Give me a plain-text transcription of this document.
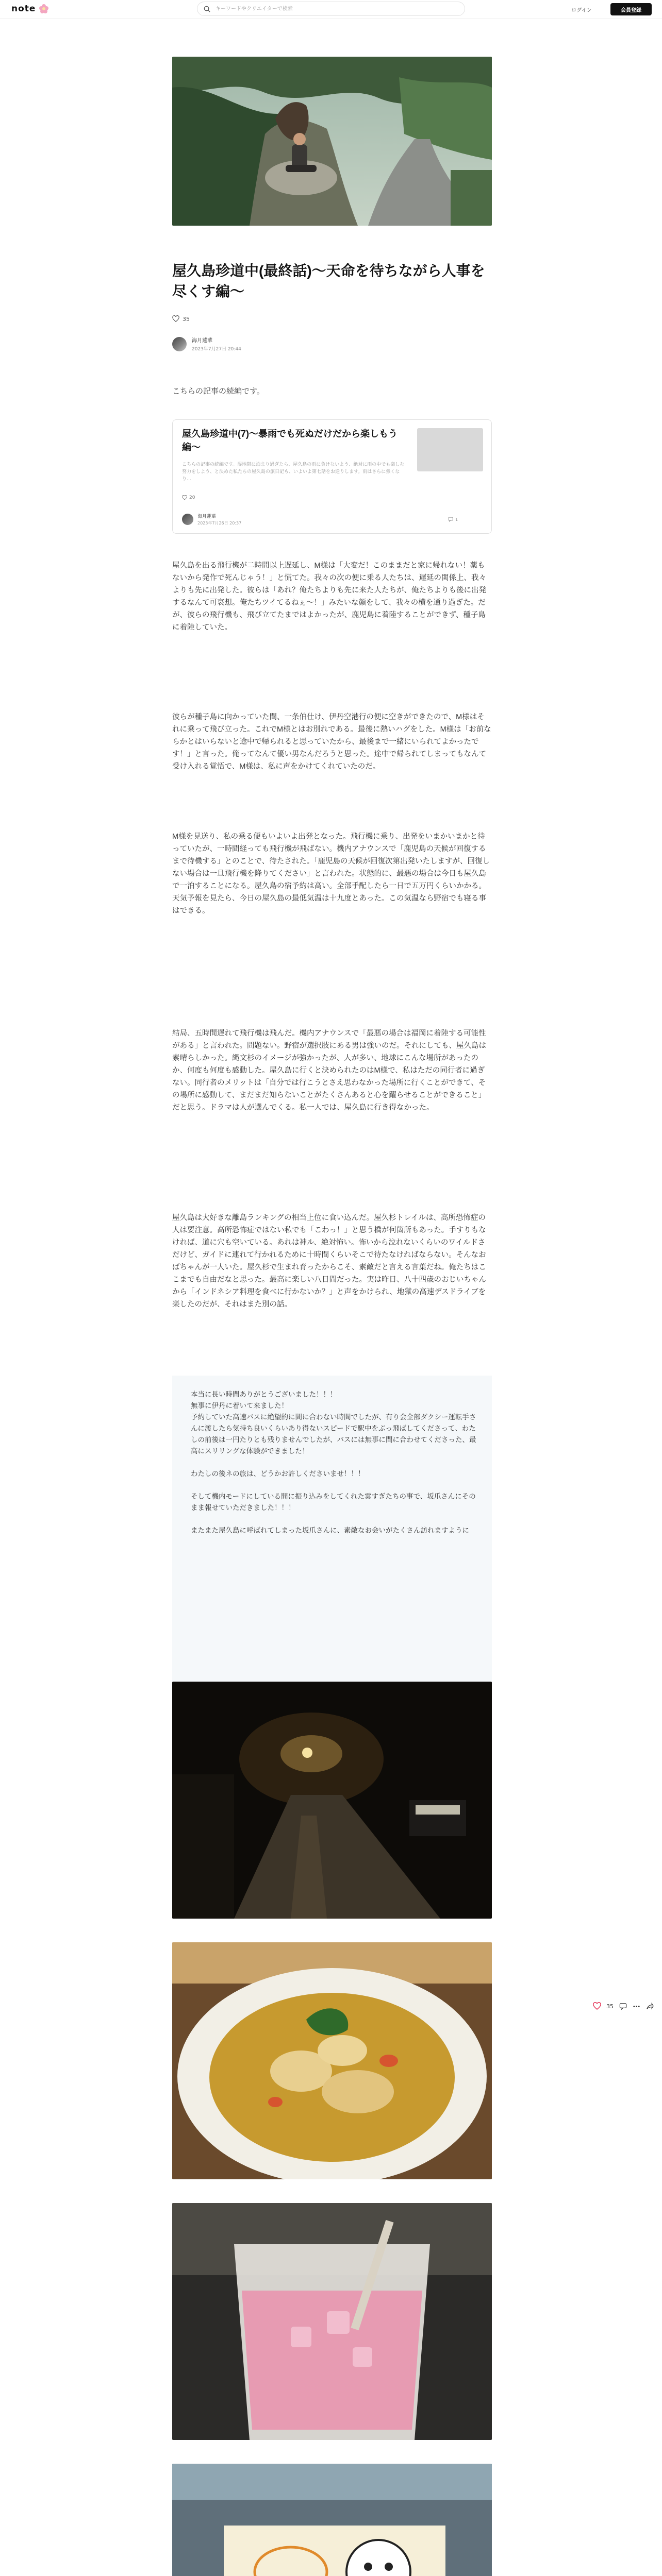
note
キーワードやクリエイターで検索	ログイン	会員登録
屋久島珍道中(最終話)〜天命を待ちながら人事を尽くす編〜
35
海月蓮華
2023年7月27日 20:44

こちらの記事の続編です。

屋久島珍道中(7)〜暴雨でも死ぬだけだから楽しもう編〜
こちらの記事の続編です。湿地帯に泊まり過ぎたら、屋久島の雨に負けないよう、絶対に雨の中でも楽しむ努力をしよう、と決めた私たちの屋久島の旅日記も、いよいよ第七話をお送りします。雨はさらに強くなり…
20
海月蓮華
2023年7月26日 20:37
1

屋久島を出る飛行機が二時間以上遅延し、M様は「大変だ！このままだと家に帰れない！薬もないから発作で死んじゃう！」と慌てた。我々の次の便に乗る人たちは、遅延の関係上、我々よりも先に出発した。彼らは「あれ？俺たちよりも先に来た人たちが、俺たちよりも後に出発するなんて可哀想。俺たちツイてるねぇ〜！」みたいな顔をして、我々の横を通り過ぎた。だが、彼らの飛行機も、飛び立てたまではよかったが、鹿児島に着陸することができず、種子島に着陸していた。

彼らが種子島に向かっていた間、一条伯仕け、伊丹空港行の便に空きができたので、M様はそれに乗って飛び立った。これでM様とはお別れである。最後に熱いハグをした。M様は「お前ならかとはいらないと途中で帰られると思っていたから、最後まで一緒にいられてよかったです！」と言った。俺ってなんて優い男なんだろうと思った。途中で帰られてしまってもなんて受け入れる覚悟で、M様は、私に声をかけてくれていたのだ。

M様を見送り、私の乗る便もいよいよ出発となった。飛行機に乗り、出発をいまかいまかと待っていたが、一時間経っても飛行機が飛ばない。機内アナウンスで「鹿児島の天候が回復するまで待機する」とのことで、待たされた。「鹿児島の天候が回復次第出発いたしますが、回復しない場合は一旦飛行機を降りてください」と言われた。状態的に、最悪の場合は今日も屋久島で一泊することになる。屋久島の宿予約は高い。全部手配したら一日で五万円くらいかかる。天気予報を見たら、今日の屋久島の最低気温は十九度とあった。この気温なら野宿でも寝る事はできる。

結局、五時間遅れて飛行機は飛んだ。機内アナウンスで「最悪の場合は福岡に着陸する可能性がある」と言われた。問題ない。野宿が選択肢にある男は強いのだ。それにしても、屋久島は素晴らしかった。縄文杉のイメージが強かったが、人が多い、地球にこんな場所があったのか、何度も何度も感動した。屋久島に行くと決められたのはM様で、私はただの同行者に過ぎない。同行者のメリットは「自分では行こうとさえ思わなかった場所に行くことができて、その場所に感動して、まだまだ知らないことがたくさんあると心を躍らせることができること」だと思う。ドラマは人が選んでくる。私一人では、屋久島に行き得なかった。

屋久島は大好きな離島ランキングの相当上位に食い込んだ。屋久杉トレイルは、高所恐怖症の人は要注意。高所恐怖症ではない私でも「こわっ！」と思う橋が何箇所もあった。手すりもなければ、道に穴も空いている。あれは神ル、絶対怖い。怖いから泣れないくらいのワイルドさだけど、ガイドに連れて行かれるために十時間くらいそこで待たなければならない。そんなおばちゃんが一人いた。屋久杉で生まれ育ったからこそ、素敵だと言える言葉だね。俺たちはここまでも自由だなと思った。最高に楽しい八日間だった。実は昨日、八十四歳のおじいちゃんから「インドネシア料理を食べに行かないか？」と声をかけられ、地獄の高速デスドライブを楽したのだが、それはまた別の話。

本当に長い時間ありがとうございました！！！
無事に伊丹に着いて来ました！
予約していた高速バスに絶望的に間に合わない時間でしたが、有り会全部ダクシー運転手さんに渡したら気持ち良いくらいあり得ないスピードで駅中をぶっ飛ばしてくださって、わたしの前後は一円たりとも残りませんでしたが、バスには無事に間に合わせてくださった、最高にスリリングな体験ができました！

わたしの後ネの旅は、どうかお許しくださいませ！！！

そして機内モードにしている間に振り込みをしてくれた雲すぎたちの事で、坂爪さんにそのまま報せていただきました！！！

またまた屋久島に呼ばれてしまった坂爪さんに、素敵なお会いがたくさん訪れますように

35
